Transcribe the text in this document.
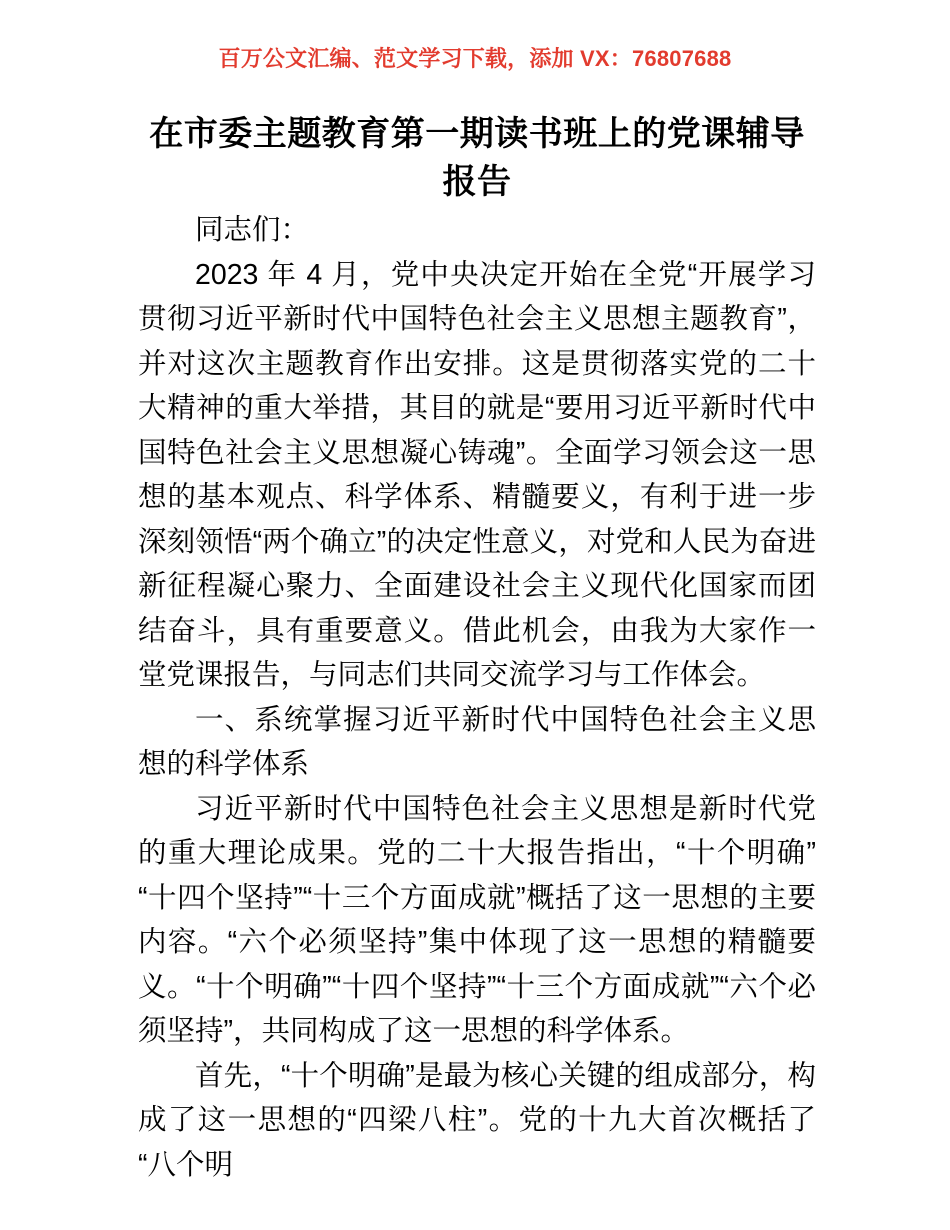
百万公文汇编、范文学习下载，添加 VX：76807688
在市委主题教育第一期读书班上的党课辅导报告

同志们：

2023 年 4 月，党中央决定开始在全党“开展学习贯彻习近平新时代中国特色社会主义思想主题教育”，并对这次主题教育作出安排。这是贯彻落实党的二十大精神的重大举措，其目的就是“要用习近平新时代中国特色社会主义思想凝心铸魂”。全面学习领会这一思想的基本观点、科学体系、精髓要义，有利于进一步深刻领悟“两个确立”的决定性意义，对党和人民为奋进新征程凝心聚力、全面建设社会主义现代化国家而团结奋斗，具有重要意义。借此机会，由我为大家作一堂党课报告，与同志们共同交流学习与工作体会。

一、系统掌握习近平新时代中国特色社会主义思想的科学体系

习近平新时代中国特色社会主义思想是新时代党的重大理论成果。党的二十大报告指出，“十个明确”“十四个坚持”“十三个方面成就”概括了这一思想的主要内容。“六个必须坚持”集中体现了这一思想的精髓要义。“十个明确”“十四个坚持”“十三个方面成就”“六个必须坚持”，共同构成了这一思想的科学体系。

首先，“十个明确”是最为核心关键的组成部分，构成了这一思想的“四梁八柱”。党的十九大首次概括了“八个明
